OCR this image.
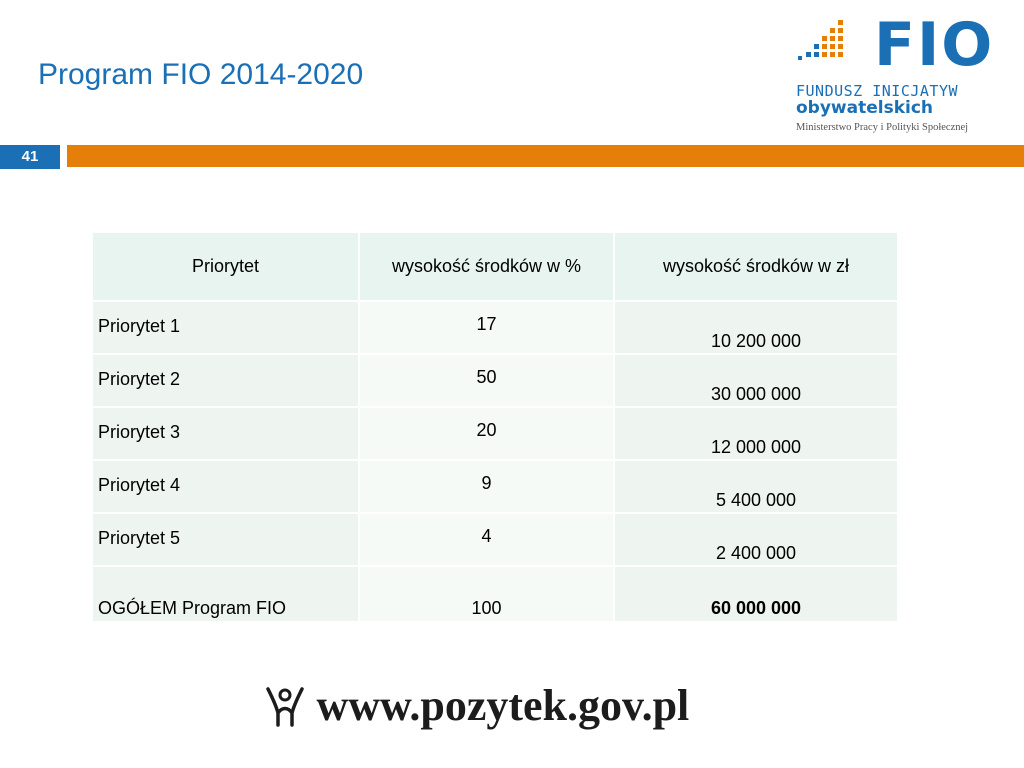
Program FIO 2014-2020	FIO
FUNDUSZ INICJATYW
obywatelskich
Ministerstwo Pracy i Polityki Społecznej
41
Priorytet	wysokość środków w %	wysokość środków w zł
Priorytet 1	17	10 200 000
Priorytet 2	50	30 000 000
Priorytet 3	20	12 000 000
Priorytet 4	9	5 400 000
Priorytet 5	4	2 400 000
OGÓŁEM Program FIO	100	60 000 000
www.pozytek.gov.pl
